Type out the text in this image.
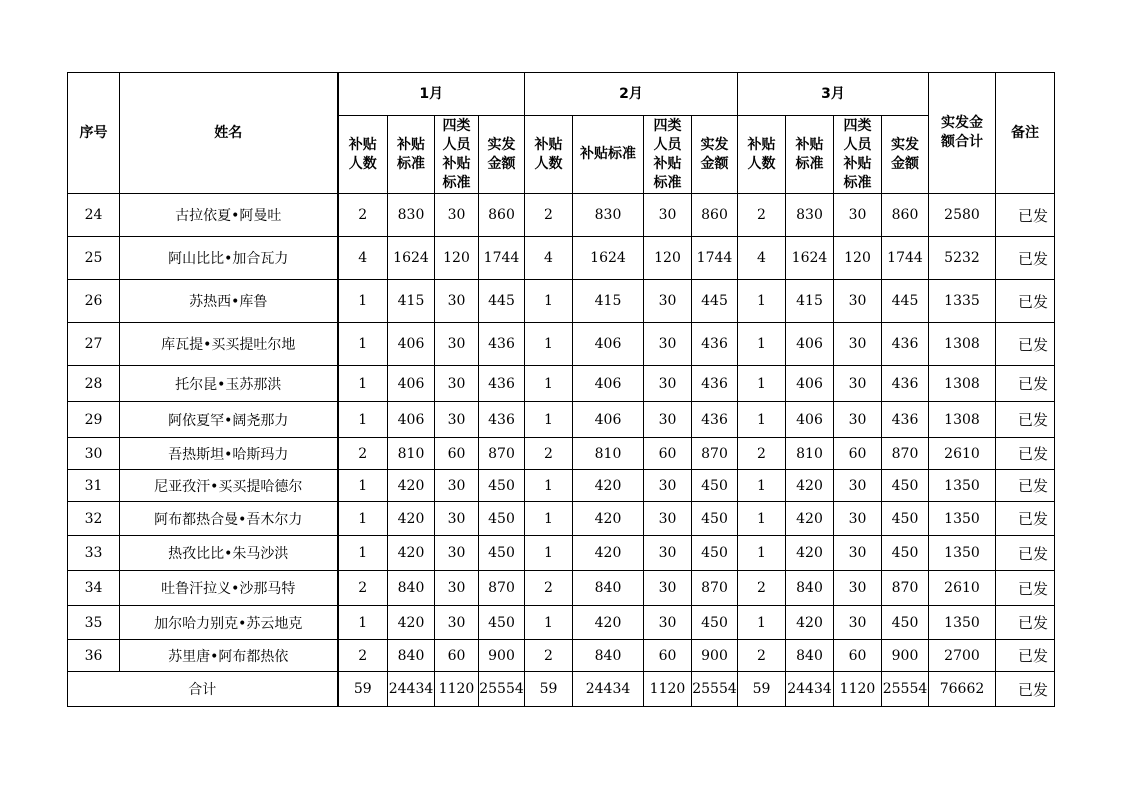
序号	姓名	1月				2月				3月				实发金额合计	备注
		补贴人数	补贴标准	四类人员补贴标准	实发金额	补贴人数	补贴标准	四类人员补贴标准	实发金额	补贴人数	补贴标准	四类人员补贴标准	实发金额		
24	古拉依夏•阿曼吐	2	830	30	860	2	830	30	860	2	830	30	860	2580	已发
25	阿山比比•加合瓦力	4	1624	120	1744	4	1624	120	1744	4	1624	120	1744	5232	已发
26	苏热西•库鲁	1	415	30	445	1	415	30	445	1	415	30	445	1335	已发
27	库瓦提•买买提吐尔地	1	406	30	436	1	406	30	436	1	406	30	436	1308	已发
28	托尔昆•玉苏那洪	1	406	30	436	1	406	30	436	1	406	30	436	1308	已发
29	阿依夏罕•阔尧那力	1	406	30	436	1	406	30	436	1	406	30	436	1308	已发
30	吾热斯坦•哈斯玛力	2	810	60	870	2	810	60	870	2	810	60	870	2610	已发
31	尼亚孜汗•买买提哈德尔	1	420	30	450	1	420	30	450	1	420	30	450	1350	已发
32	阿布都热合曼•吾木尔力	1	420	30	450	1	420	30	450	1	420	30	450	1350	已发
33	热孜比比•朱马沙洪	1	420	30	450	1	420	30	450	1	420	30	450	1350	已发
34	吐鲁汗拉义•沙那马特	2	840	30	870	2	840	30	870	2	840	30	870	2610	已发
35	加尔哈力别克•苏云地克	1	420	30	450	1	420	30	450	1	420	30	450	1350	已发
36	苏里唐•阿布都热依	2	840	60	900	2	840	60	900	2	840	60	900	2700	已发
合计		59	24434	1120	25554	59	24434	1120	25554	59	24434	1120	25554	76662	已发
